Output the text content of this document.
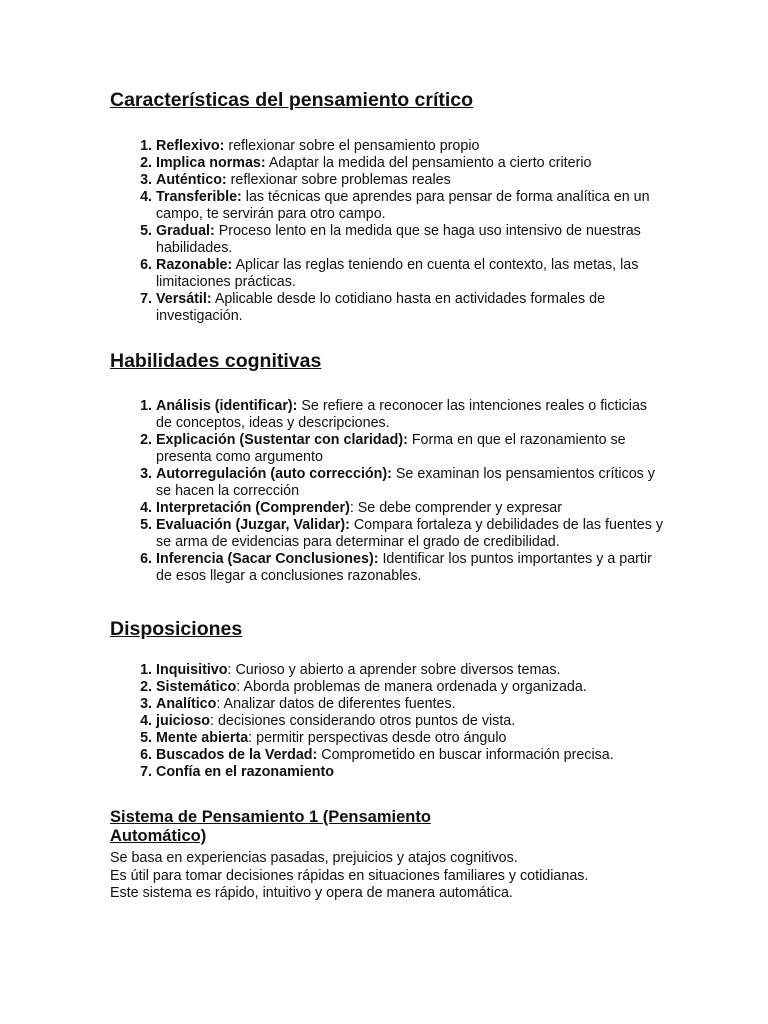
Características del pensamiento crítico
1. Reflexivo: reflexionar sobre el pensamiento propio
2. Implica normas: Adaptar la medida del pensamiento a cierto criterio
3. Auténtico: reflexionar sobre problemas reales
4. Transferible: las técnicas que aprendes para pensar de forma analítica en un campo, te servirán para otro campo.
5. Gradual: Proceso lento en la medida que se haga uso intensivo de nuestras habilidades.
6. Razonable: Aplicar las reglas teniendo en cuenta el contexto, las metas, las limitaciones prácticas.
7. Versátil: Aplicable desde lo cotidiano hasta en actividades formales de investigación.
Habilidades cognitivas
1. Análisis (identificar): Se refiere a reconocer las intenciones reales o ficticias de conceptos, ideas y descripciones.
2. Explicación (Sustentar con claridad): Forma en que el razonamiento se presenta como argumento
3. Autorregulación (auto corrección): Se examinan los pensamientos críticos y se hacen la corrección
4. Interpretación (Comprender): Se debe comprender y expresar
5. Evaluación (Juzgar, Validar): Compara fortaleza y debilidades de las fuentes y se arma de evidencias para determinar el grado de credibilidad.
6. Inferencia (Sacar Conclusiones): Identificar los puntos importantes y a partir de esos llegar a conclusiones razonables.
Disposiciones
1. Inquisitivo: Curioso y abierto a aprender sobre diversos temas.
2. Sistemático: Aborda problemas de manera ordenada y organizada.
3. Analítico: Analizar datos de diferentes fuentes.
4. juicioso: decisiones considerando otros puntos de vista.
5. Mente abierta: permitir perspectivas desde otro ángulo
6. Buscados de la Verdad: Comprometido en buscar información precisa.
7. Confía en el razonamiento
Sistema de Pensamiento 1 (Pensamiento Automático)
Se basa en experiencias pasadas, prejuicios y atajos cognitivos.
Es útil para tomar decisiones rápidas en situaciones familiares y cotidianas.
Este sistema es rápido, intuitivo y opera de manera automática.
